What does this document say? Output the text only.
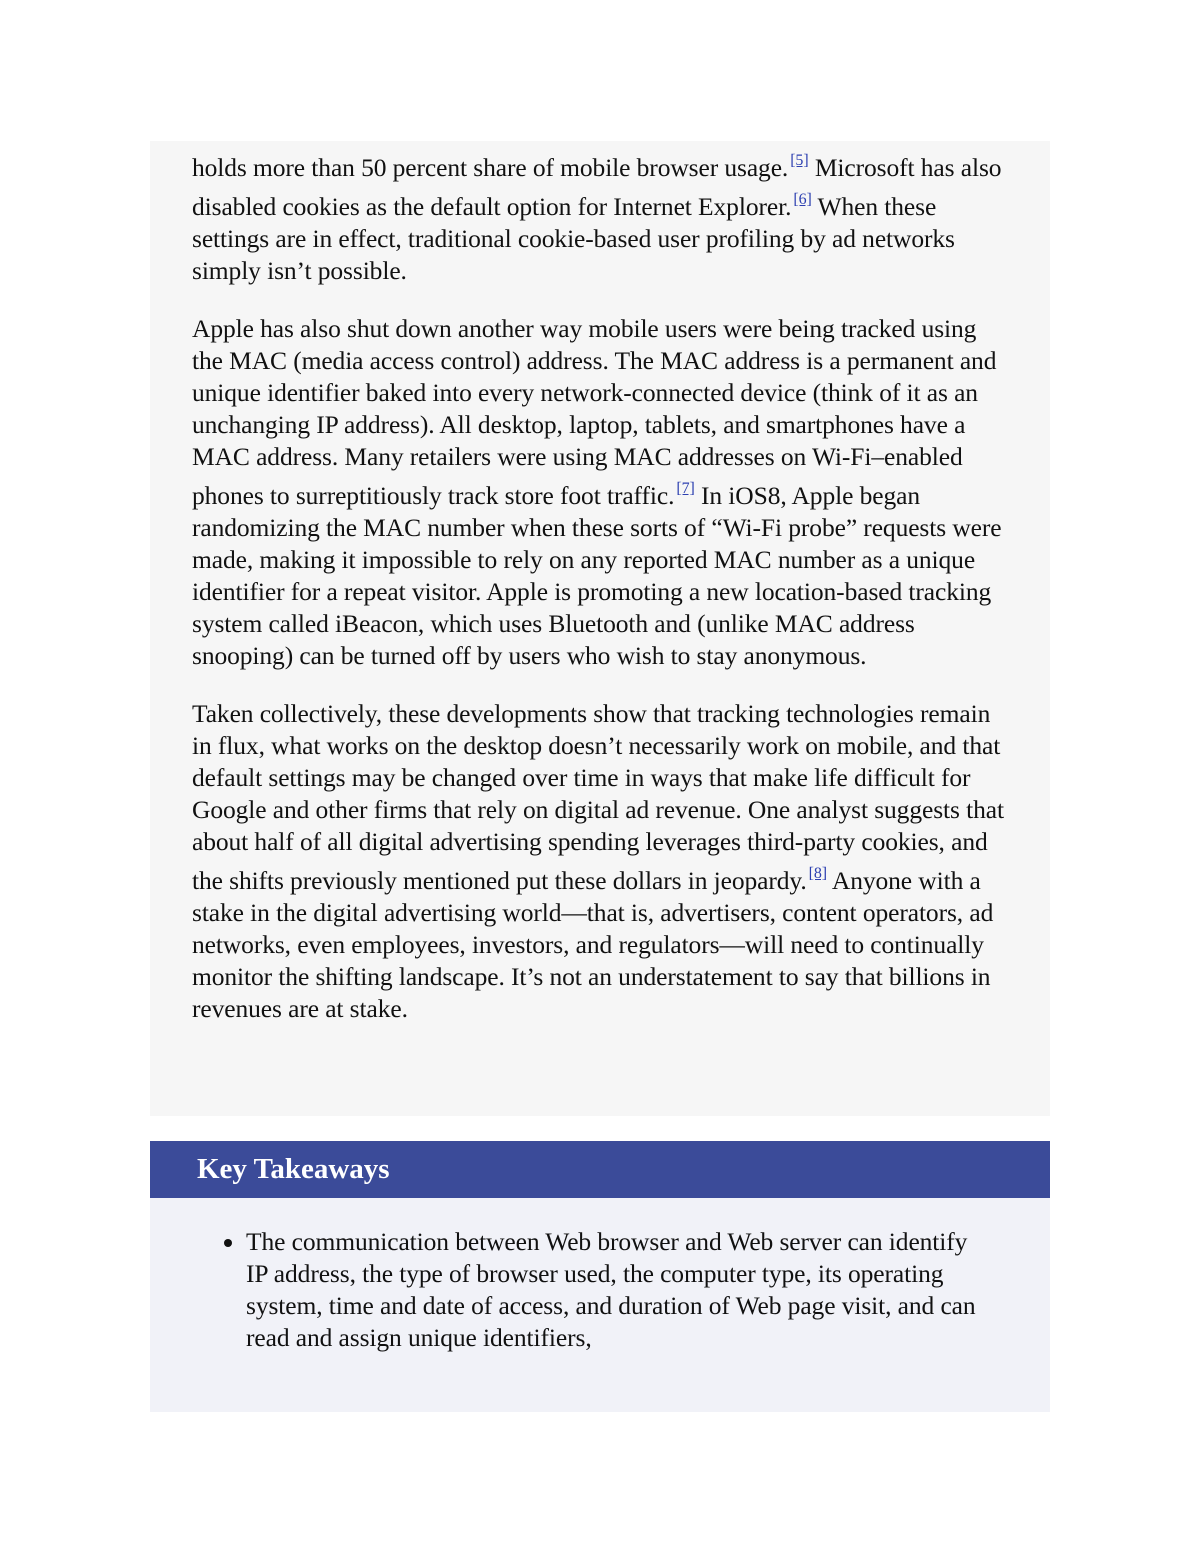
holds more than 50 percent share of mobile browser usage. [5] Microsoft has also disabled cookies as the default option for Internet Explorer. [6] When these settings are in effect, traditional cookie-based user profiling by ad networks simply isn’t possible.

Apple has also shut down another way mobile users were being tracked using the MAC (media access control) address. The MAC address is a permanent and unique identifier baked into every network-connected device (think of it as an unchanging IP address). All desktop, laptop, tablets, and smartphones have a MAC address. Many retailers were using MAC addresses on Wi-Fi–enabled phones to surreptitiously track store foot traffic. [7] In iOS8, Apple began randomizing the MAC number when these sorts of “Wi-Fi probe” requests were made, making it impossible to rely on any reported MAC number as a unique identifier for a repeat visitor. Apple is promoting a new location-based tracking system called iBeacon, which uses Bluetooth and (unlike MAC address snooping) can be turned off by users who wish to stay anonymous.

Taken collectively, these developments show that tracking technologies remain in flux, what works on the desktop doesn’t necessarily work on mobile, and that default settings may be changed over time in ways that make life difficult for Google and other firms that rely on digital ad revenue. One analyst suggests that about half of all digital advertising spending leverages third-party cookies, and the shifts previously mentioned put these dollars in jeopardy. [8] Anyone with a stake in the digital advertising world—that is, advertisers, content operators, ad networks, even employees, investors, and regulators—will need to continually monitor the shifting landscape. It’s not an understatement to say that billions in revenues are at stake.

Key Takeaways
The communication between Web browser and Web server can identify IP address, the type of browser used, the computer type, its operating system, time and date of access, and duration of Web page visit, and can read and assign unique identifiers,
